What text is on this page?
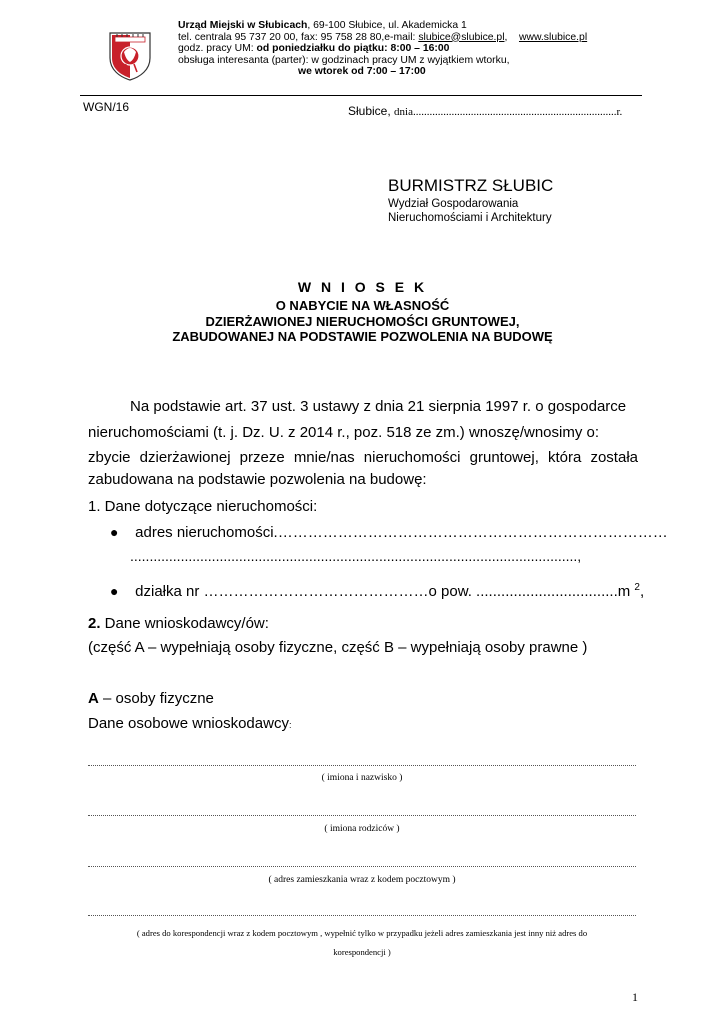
Urząd Miejski w Słubicach, 69-100 Słubice, ul. Akademicka 1
tel. centrala 95 737 20 00, fax: 95 758 28 80,e-mail: slubice@slubice.pl, www.slubice.pl
godz. pracy UM: od poniedziałku do piątku: 8:00 – 16:00
obsługa interesanta (parter): w godzinach pracy UM z wyjątkiem wtorku,
we wtorek od 7:00 – 17:00
WGN/16	Słubice, dnia..........................................................................r.
BURMISTRZ SŁUBIC
Wydział Gospodarowania
Nieruchomościami i Architektury
W N I O S E K
O NABYCIE NA WŁASNOŚĆ
DZIERŻAWIONEJ NIERUCHOMOŚCI GRUNTOWEJ,
ZABUDOWANEJ NA PODSTAWIE POZWOLENIA NA BUDOWĘ
Na podstawie art. 37 ust. 3 ustawy z dnia 21 sierpnia 1997 r. o gospodarce
nieruchomościami (t. j. Dz. U. z 2014 r., poz. 518 ze zm.) wnoszę/wnosimy o:
zbycie dzierżawionej przeze mnie/nas nieruchomości gruntowej, która została
zabudowana na podstawie pozwolenia na budowę:
1. Dane dotyczące nieruchomości:
● adres nieruchomości.……………………………………………………………………
...................................................................................................................,
● działka nr ………………………………………o pow. ..................................m $^2$,
2. Dane wnioskodawcy/ów:
(część A – wypełniają osoby fizyczne, część B – wypełniają osoby prawne )
A – osoby fizyczne
Dane osobowe wnioskodawcy:
( imiona i nazwisko )
( imiona rodziców )
( adres zamieszkania wraz z kodem pocztowym )
( adres do korespondencji wraz z kodem pocztowym , wypełnić tylko w przypadku jeżeli adres zamieszkania jest inny niż adres do
korespondencji )
1
